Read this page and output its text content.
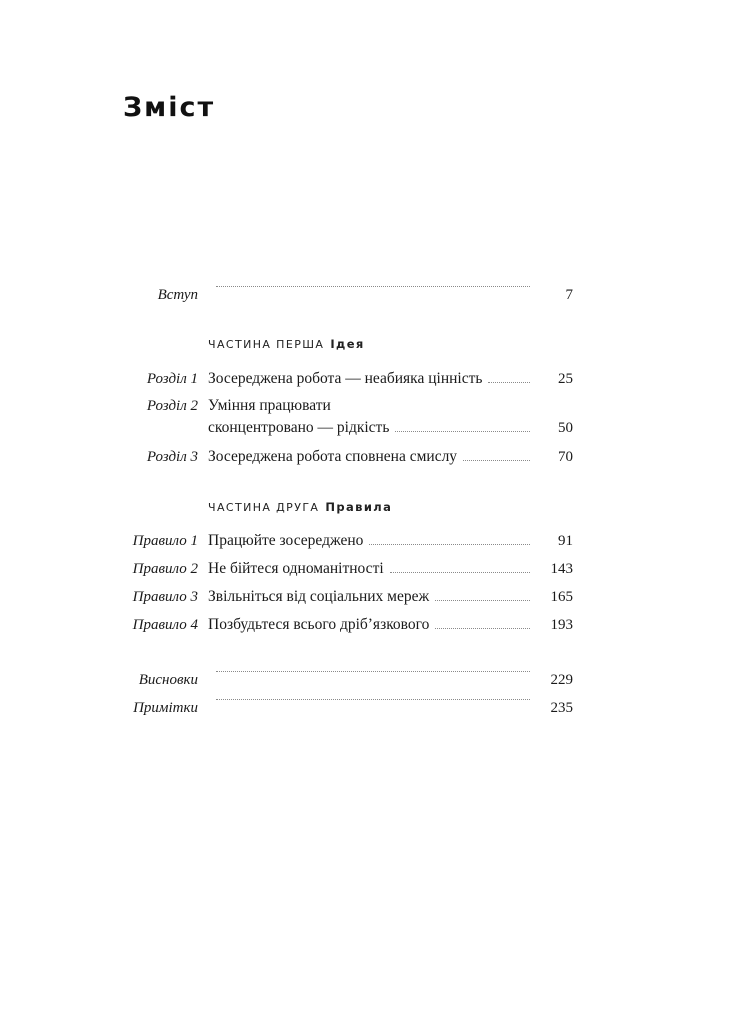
Зміст
Вступ	7
ЧАСТИНА ПЕРША Ідея
Розділ 1 Зосереджена робота — неабияка цінність	25
Розділ 2 Уміння працювати
сконцентровано — рідкість	50
Розділ 3 Зосереджена робота сповнена смислу	70
ЧАСТИНА ДРУГА Правила
Правило 1 Працюйте зосереджено	91
Правило 2 Не бійтеся одноманітності	143
Правило 3 Звільніться від соціальних мереж	165
Правило 4 Позбудьтеся всього дріб’язкового	193
Висновки	229
Примітки	235
